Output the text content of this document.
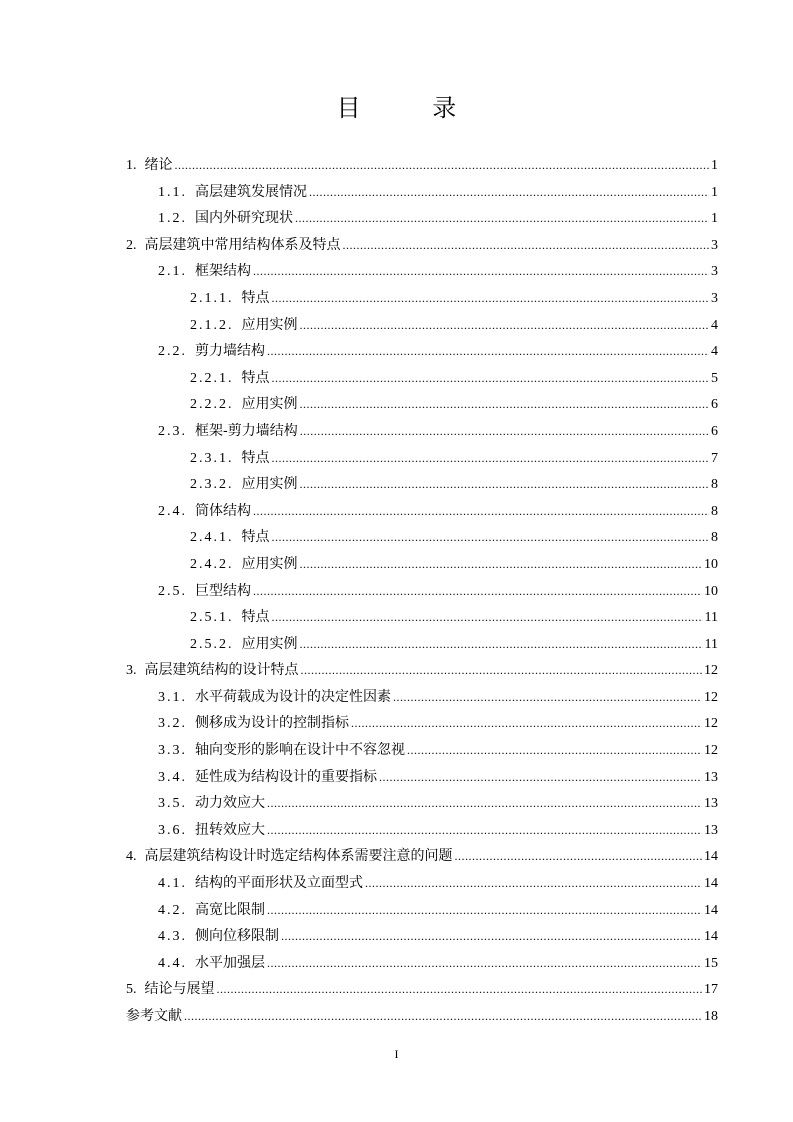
目 录
1. 绪论 .....	1
1.1. 高层建筑发展情况 .....	1
1.2. 国内外研究现状 .....	1
2. 高层建筑中常用结构体系及特点 .....	3
2.1. 框架结构 .....	3
2.1.1. 特点 .....	3
2.1.2. 应用实例 .....	4
2.2. 剪力墙结构 .....	4
2.2.1. 特点 .....	5
2.2.2. 应用实例 .....	6
2.3. 框架-剪力墙结构 .....	6
2.3.1. 特点 .....	7
2.3.2. 应用实例 .....	8
2.4. 筒体结构 .....	8
2.4.1. 特点 .....	8
2.4.2. 应用实例 .....	10
2.5. 巨型结构 .....	10
2.5.1. 特点 .....	11
2.5.2. 应用实例 .....	11
3. 高层建筑结构的设计特点 .....	12
3.1. 水平荷载成为设计的决定性因素 .....	12
3.2. 侧移成为设计的控制指标 .....	12
3.3. 轴向变形的影响在设计中不容忽视 .....	12
3.4. 延性成为结构设计的重要指标 .....	13
3.5. 动力效应大 .....	13
3.6. 扭转效应大 .....	13
4. 高层建筑结构设计时选定结构体系需要注意的问题 .....	14
4.1. 结构的平面形状及立面型式 .....	14
4.2. 高宽比限制 .....	14
4.3. 侧向位移限制 .....	14
4.4. 水平加强层 .....	15
5. 结论与展望 .....	17
参考文献 .....	18
I
